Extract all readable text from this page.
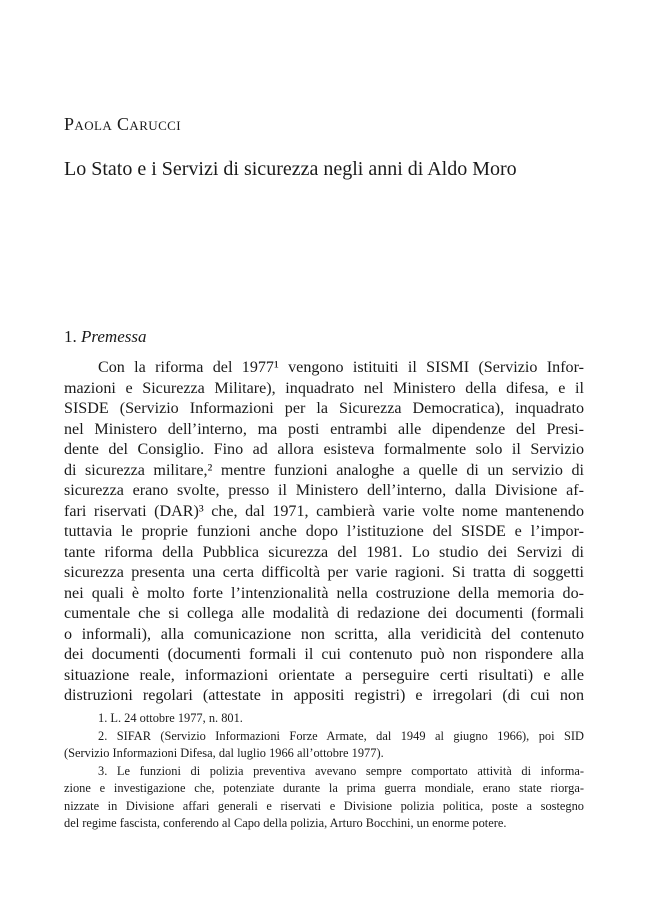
Paola Carucci
Lo Stato e i Servizi di sicurezza negli anni di Aldo Moro
1. Premessa
Con la riforma del 1977¹ vengono istituiti il SISMI (Servizio Infor-
mazioni e Sicurezza Militare), inquadrato nel Ministero della difesa, e il
SISDE (Servizio Informazioni per la Sicurezza Democratica), inquadrato
nel Ministero dell’interno, ma posti entrambi alle dipendenze del Presi-
dente del Consiglio. Fino ad allora esisteva formalmente solo il Servizio
di sicurezza militare,² mentre funzioni analoghe a quelle di un servizio di
sicurezza erano svolte, presso il Ministero dell’interno, dalla Divisione af-
fari riservati (DAR)³ che, dal 1971, cambierà varie volte nome mantenendo
tuttavia le proprie funzioni anche dopo l’istituzione del SISDE e l’impor-
tante riforma della Pubblica sicurezza del 1981. Lo studio dei Servizi di
sicurezza presenta una certa difficoltà per varie ragioni. Si tratta di soggetti
nei quali è molto forte l’intenzionalità nella costruzione della memoria do-
cumentale che si collega alle modalità di redazione dei documenti (formali
o informali), alla comunicazione non scritta, alla veridicità del contenuto
dei documenti (documenti formali il cui contenuto può non rispondere alla
situazione reale, informazioni orientate a perseguire certi risultati) e alle
distruzioni regolari (attestate in appositi registri) e irregolari (di cui non
1. L. 24 ottobre 1977, n. 801.
2. SIFAR (Servizio Informazioni Forze Armate, dal 1949 al giugno 1966), poi SID
(Servizio Informazioni Difesa, dal luglio 1966 all’ottobre 1977).
3. Le funzioni di polizia preventiva avevano sempre comportato attività di informa-
zione e investigazione che, potenziate durante la prima guerra mondiale, erano state riorga-
nizzate in Divisione affari generali e riservati e Divisione polizia politica, poste a sostegno
del regime fascista, conferendo al Capo della polizia, Arturo Bocchini, un enorme potere.
